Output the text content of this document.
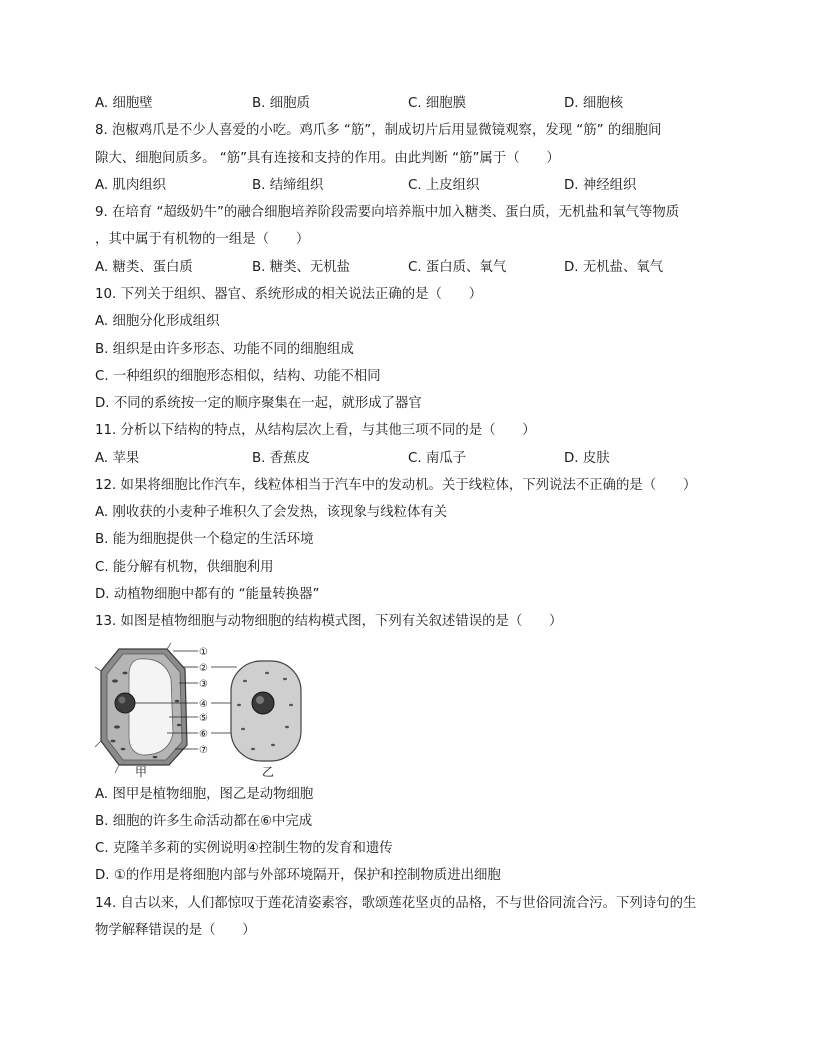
A. 细胞壁	B. 细胞质	C. 细胞膜	D. 细胞核
8. 泡椒鸡爪是不少人喜爱的小吃。鸡爪多 “筋”，制成切片后用显微镜观察，发现 “筋” 的细胞间
隙大、细胞间质多。 “筋”具有连接和支持的作用。由此判断 “筋”属于（　　）
A. 肌肉组织	B. 结缔组织	C. 上皮组织	D. 神经组织
9. 在培育 “超级奶牛”的融合细胞培养阶段需要向培养瓶中加入糖类、蛋白质，无机盐和氧气等物质
，其中属于有机物的一组是（　　）
A. 糖类、蛋白质	B. 糖类、无机盐	C. 蛋白质、氧气	D. 无机盐、氧气
10. 下列关于组织、器官、系统形成的相关说法正确的是（　　）
A. 细胞分化形成组织
B. 组织是由许多形态、功能不同的细胞组成
C. 一种组织的细胞形态相似，结构、功能不相同
D. 不同的系统按一定的顺序聚集在一起，就形成了器官
11. 分析以下结构的特点，从结构层次上看，与其他三项不同的是（　　）
A. 苹果	B. 香蕉皮	C. 南瓜子	D. 皮肤
12. 如果将细胞比作汽车，线粒体相当于汽车中的发动机。关于线粒体，下列说法不正确的是（　　）
A. 刚收获的小麦种子堆积久了会发热，该现象与线粒体有关
B. 能为细胞提供一个稳定的生活环境
C. 能分解有机物，供细胞利用
D. 动植物细胞中都有的 “能量转换器”
13. 如图是植物细胞与动物细胞的结构模式图，下列有关叙述错误的是（　　）
①
②
③
④
⑤
⑥
⑦
甲	乙
A. 图甲是植物细胞，图乙是动物细胞
B. 细胞的许多生命活动都在⑥中完成
C. 克隆羊多莉的实例说明④控制生物的发育和遗传
D. ①的作用是将细胞内部与外部环境隔开，保护和控制物质进出细胞
14. 自古以来，人们都惊叹于莲花清姿素容，歌颂莲花坚贞的品格，不与世俗同流合污。下列诗句的生
物学解释错误的是（　　）
